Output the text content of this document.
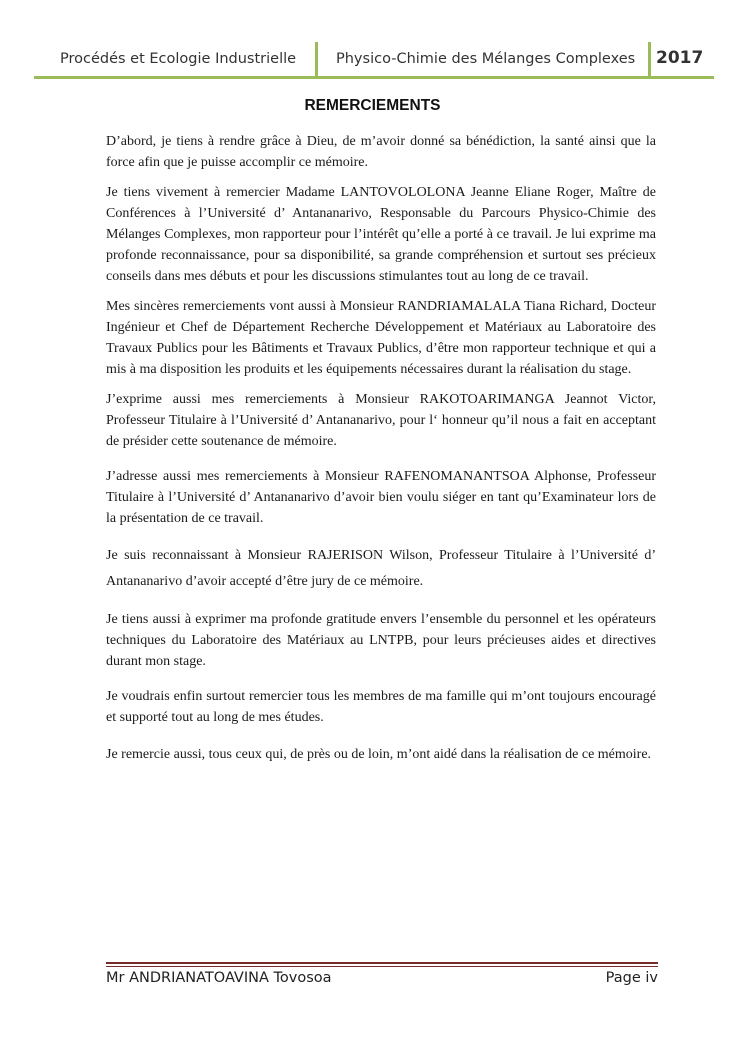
Procédés et Ecologie Industrielle	Physico-Chimie des Mélanges Complexes 2017
REMERCIEMENTS

D’abord, je tiens à rendre grâce à Dieu, de m’avoir donné sa bénédiction, la santé ainsi que la force afin que je puisse accomplir ce mémoire.

Je tiens vivement à remercier Madame LANTOVOLOLONA Jeanne Eliane Roger, Maître de Conférences à l’Université d’ Antananarivo, Responsable du Parcours Physico-Chimie des Mélanges Complexes, mon rapporteur pour l’intérêt qu’elle a porté à ce travail. Je lui exprime ma profonde reconnaissance, pour sa disponibilité, sa grande compréhension et surtout ses précieux conseils dans mes débuts et pour les discussions stimulantes tout au long de ce travail.

Mes sincères remerciements vont aussi à Monsieur RANDRIAMALALA Tiana Richard, Docteur Ingénieur et Chef de Département Recherche Développement et Matériaux au Laboratoire des Travaux Publics pour les Bâtiments et Travaux Publics, d’être mon rapporteur technique et qui a mis à ma disposition les produits et les équipements nécessaires durant la réalisation du stage.

J’exprime aussi mes remerciements à Monsieur RAKOTOARIMANGA Jeannot Victor, Professeur Titulaire à l’Université d’ Antananarivo, pour l‘ honneur qu’il nous a fait en acceptant de présider cette soutenance de mémoire.

J’adresse aussi mes remerciements à Monsieur RAFENOMANANTSOA Alphonse, Professeur Titulaire à l’Université d’ Antananarivo d’avoir bien voulu siéger en tant qu’Examinateur lors de la présentation de ce travail.

Je suis reconnaissant à Monsieur RAJERISON Wilson, Professeur Titulaire à l’Université d’ Antananarivo d’avoir accepté d’être jury de ce mémoire.

Je tiens aussi à exprimer ma profonde gratitude envers l’ensemble du personnel et les opérateurs techniques du Laboratoire des Matériaux au LNTPB, pour leurs précieuses aides et directives durant mon stage.

Je voudrais enfin surtout remercier tous les membres de ma famille qui m’ont toujours encouragé et supporté tout au long de mes études.

Je remercie aussi, tous ceux qui, de près ou de loin, m’ont aidé dans la réalisation de ce mémoire.

Mr ANDRIANATOAVINA Tovosoa	Page iv
